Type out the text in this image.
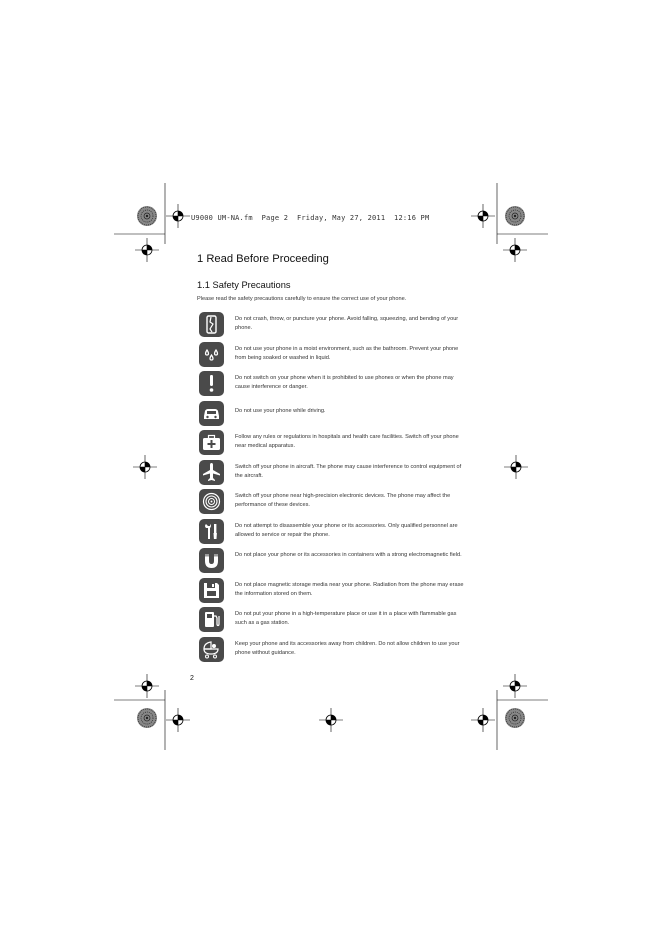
U9000 UM-NA.fm  Page 2  Friday, May 27, 2011  12:16 PM
1 Read Before Proceeding
1.1 Safety Precautions
Please read the safety precautions carefully to ensure the correct use of your phone.
Do not crash, throw, or puncture your phone. Avoid falling, squeezing, and bending of your phone.
Do not use your phone in a moist environment, such as the bathroom. Prevent your phone from being soaked or washed in liquid.
Do not switch on your phone when it is prohibited to use phones or when the phone may cause interference or danger.
Do not use your phone while driving.
Follow any rules or regulations in hospitals and health care facilities. Switch off your phone near medical apparatus.
Switch off your phone in aircraft. The phone may cause interference to control equipment of the aircraft.
Switch off your phone near high-precision electronic devices. The phone may affect the performance of these devices.
Do not attempt to disassemble your phone or its accessories. Only qualified personnel are allowed to service or repair the phone.
Do not place your phone or its accessories in containers with a strong electromagnetic field.
Do not place magnetic storage media near your phone. Radiation from the phone may erase the information stored on them.
Do not put your phone in a high-temperature place or use it in a place with flammable gas such as a gas station.
Keep your phone and its accessories away from children. Do not allow children to use your phone without guidance.
2
